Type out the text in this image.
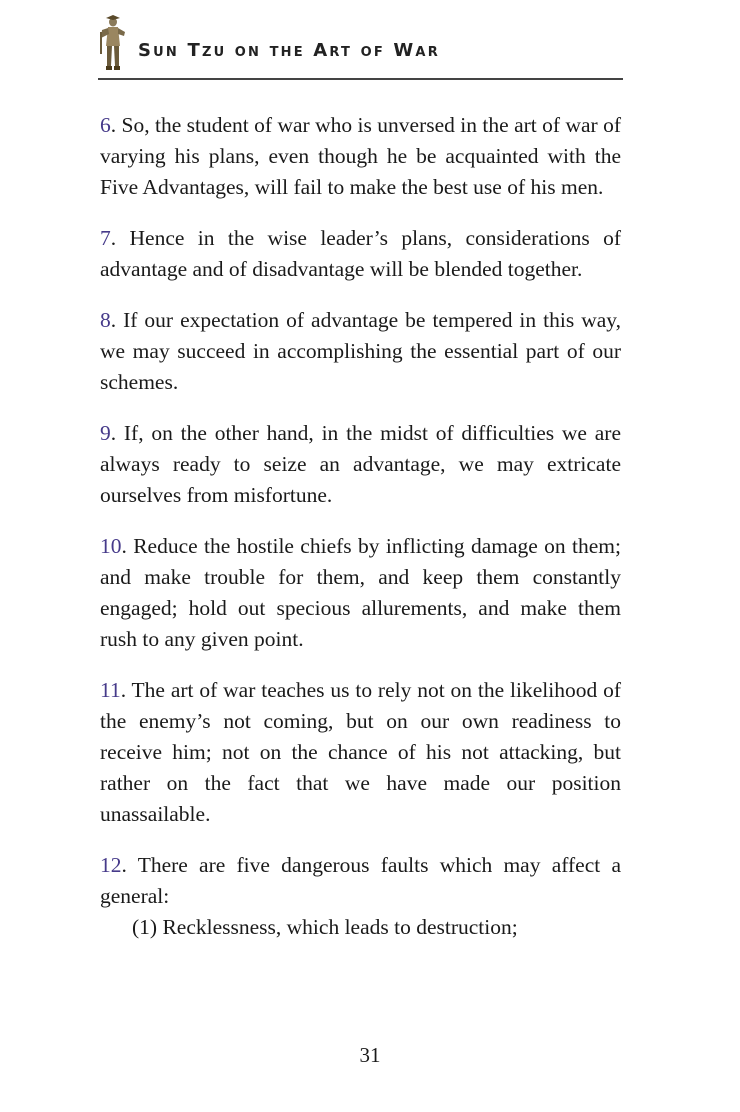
Sun Tzu on the Art of War

6. So, the student of war who is unversed in the art of war of varying his plans, even though he be acquainted with the Five Advantages, will fail to make the best use of his men.

7. Hence in the wise leader’s plans, considerations of advantage and of disadvantage will be blended together.

8. If our expectation of advantage be tempered in this way, we may succeed in accomplishing the essential part of our schemes.

9. If, on the other hand, in the midst of difficulties we are always ready to seize an advantage, we may extricate ourselves from misfortune.

10. Reduce the hostile chiefs by inflicting damage on them; and make trouble for them, and keep them constantly engaged; hold out specious allurements, and make them rush to any given point.

11. The art of war teaches us to rely not on the likelihood of the enemy’s not coming, but on our own readiness to receive him; not on the chance of his not attacking, but rather on the fact that we have made our position unassailable.

12. There are five dangerous faults which may affect a general:

(1) Recklessness, which leads to destruction;

31
